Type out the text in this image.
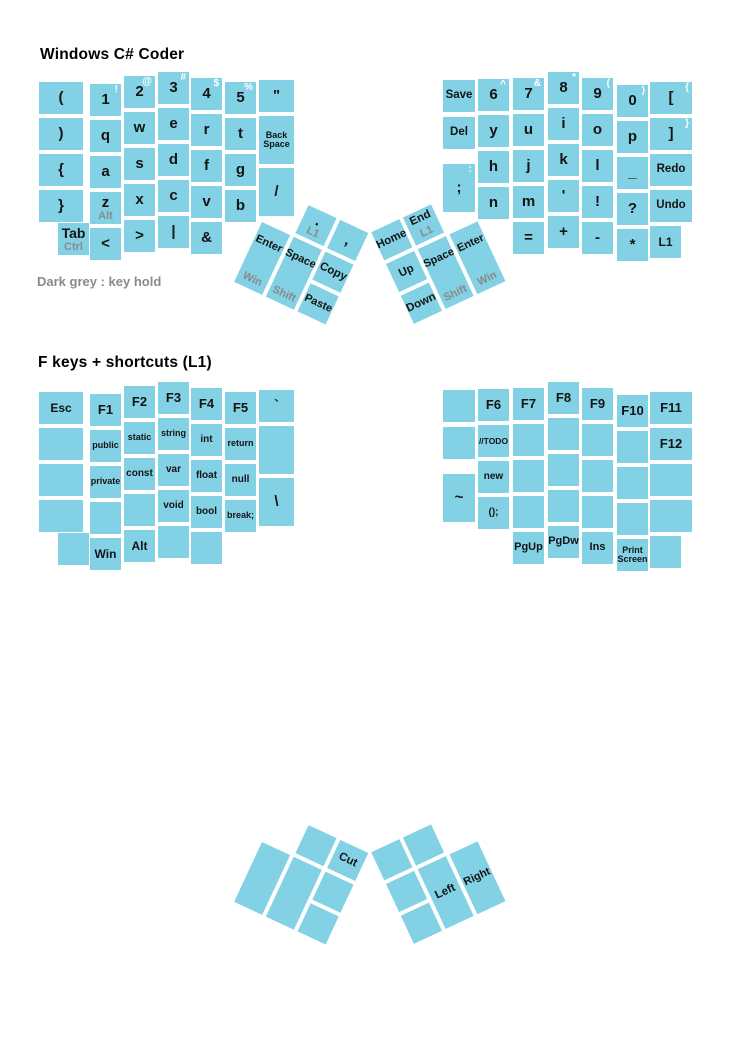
Windows C# Coder
Dark grey : key hold
F keys + shortcuts (L1)
(
)
{
}
Tab
Ctrl
1
!
q
a
z
Alt
<
2
@
w
s
x
>
3
#
e
d
c
|
4
$
r
f
v
&
5
%
t
g
b
"
Back Space
/
Enter
Win
Space
Shift
.
L1	,
Copy
Paste
Save
Del
;
:
6
^
y
h
n
7
&
u
j
m
=
8
*
i
k
'
+
9
(
o
l
!
-
0
)
p
_
?
*
[
{
]
}
Redo
Undo
L1
Home
End
L1
Up
Down
Space
Shift
Enter
Win
Esc	F1
public
private
Win
F2
static
const
Alt
F3
string
var
void
F4
int
float
bool
F5
return
null
break;
`
\
Cut
~
F6
//TODO
new
();
F7
PgUp
F8
PgDw
F9
Ins
F10
Print Screen
F11
F12
Left
Right
